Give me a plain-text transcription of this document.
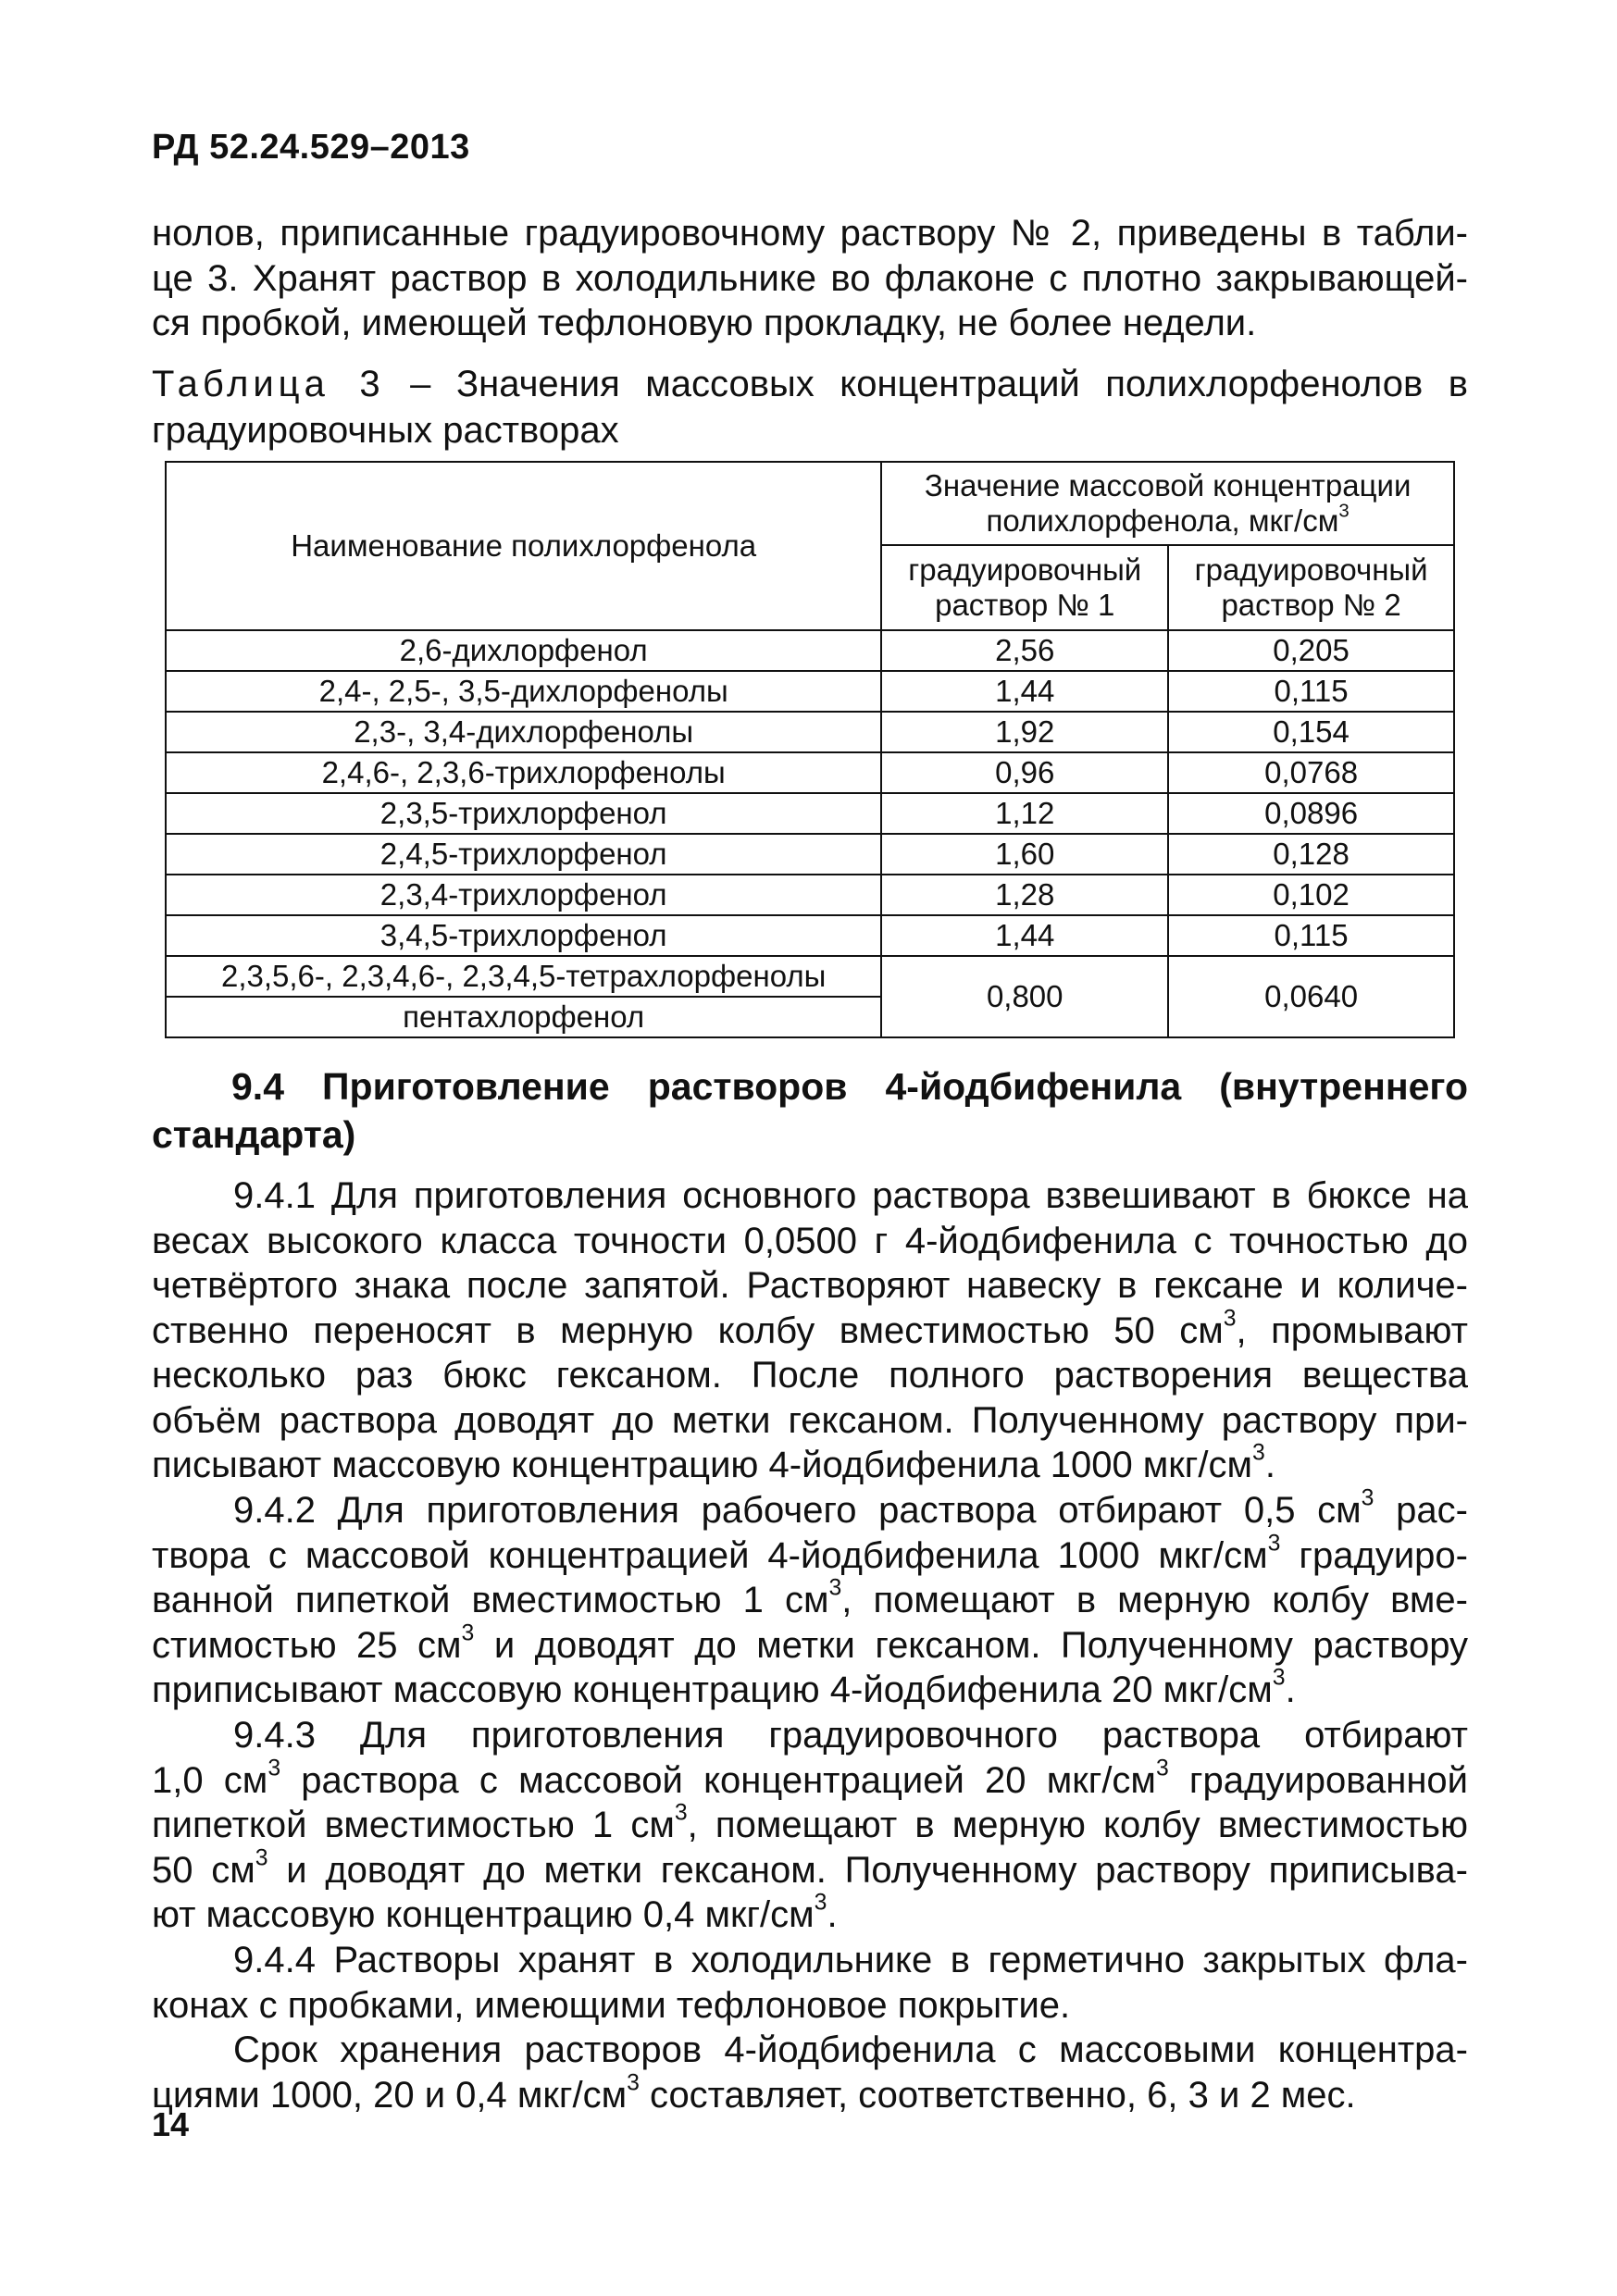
РД 52.24.529–2013
нолов, приписанные градуировочному раствору № 2, приведены в табли-
це 3. Хранят раствор в холодильнике во флаконе с плотно закрывающей-
ся пробкой, имеющей тефлоновую прокладку, не более недели.
Таблица 3 – Значения массовых концентраций полихлорфенолов в
градуировочных растворах
Наименование полихлорфенола	Значение массовой концентрации полихлорфенола, мкг/$см^3$
	градуировочный раствор № 1	градуировочный раствор № 2
2,6-дихлорфенол	2,56	0,205
2,4-, 2,5-, 3,5-дихлорфенолы	1,44	0,115
2,3-, 3,4-дихлорфенолы	1,92	0,154
2,4,6-, 2,3,6-трихлорфенолы	0,96	0,0768
2,3,5-трихлорфенол	1,12	0,0896
2,4,5-трихлорфенол	1,60	0,128
2,3,4-трихлорфенол	1,28	0,102
3,4,5-трихлорфенол	1,44	0,115
2,3,5,6-, 2,3,4,6-, 2,3,4,5-тетрахлорфенолы	0,800	0,0640
пентахлорфенол		
9.4 Приготовление растворов 4-йодбифенила (внутреннего
стандарта)
9.4.1 Для приготовления основного раствора взвешивают в бюксе на
весах высокого класса точности 0,0500 г 4-йодбифенила с точностью до
четвёртого знака после запятой. Растворяют навеску в гексане и количе-
ственно переносят в мерную колбу вместимостью 50 $см^3$, промывают
несколько раз бюкс гексаном. После полного растворения вещества
объём раствора доводят до метки гексаном. Полученному раствору при-
писывают массовую концентрацию 4-йодбифенила 1000 мкг/$см^3$.
9.4.2 Для приготовления рабочего раствора отбирают 0,5 $см^3$ рас-
твора с массовой концентрацией 4-йодбифенила 1000 мкг/$см^3$ градуиро-
ванной пипеткой вместимостью 1 $см^3$, помещают в мерную колбу вме-
стимостью 25 $см^3$ и доводят до метки гексаном. Полученному раствору
приписывают массовую концентрацию 4-йодбифенила 20 мкг/$см^3$.
9.4.3 Для приготовления градуировочного раствора отбирают
1,0 $см^3$ раствора с массовой концентрацией 20 мкг/$см^3$ градуированной
пипеткой вместимостью 1 $см^3$, помещают в мерную колбу вместимостью
50 $см^3$ и доводят до метки гексаном. Полученному раствору приписыва-
ют массовую концентрацию 0,4 мкг/$см^3$.
9.4.4 Растворы хранят в холодильнике в герметично закрытых фла-
конах с пробками, имеющими тефлоновое покрытие.
Срок хранения растворов 4-йодбифенила с массовыми концентра-
циями 1000, 20 и 0,4 мкг/$см^3$ составляет, соответственно, 6, 3 и 2 мес.
14
